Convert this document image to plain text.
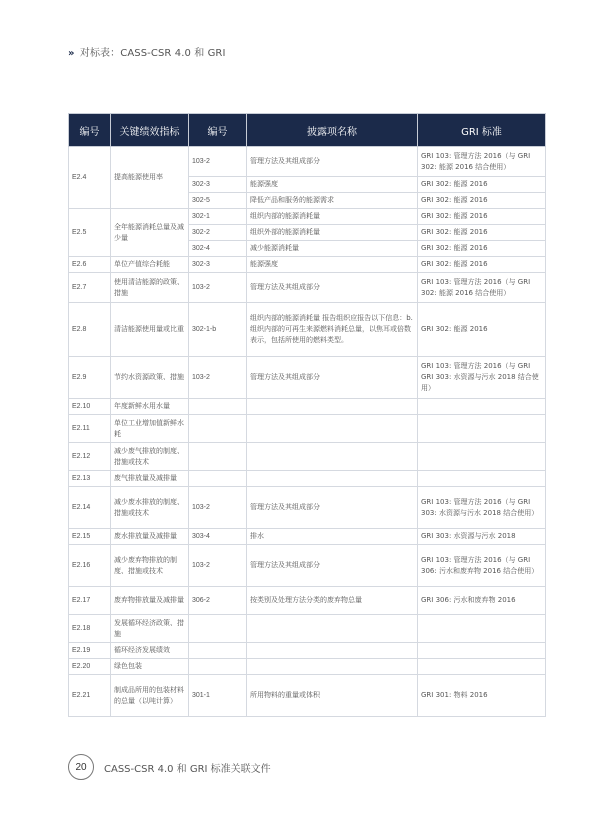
» 对标表：CASS-CSR 4.0 和 GRI
编号	关键绩效指标	编号	披露项名称	GRI 标准
E2.4	提高能源使用率	103-2	管理方法及其组成部分	GRI 103: 管理方法 2016（与 GRI 302: 能源 2016 结合使用）
		302-3	能源强度	GRI 302: 能源 2016
		302-5	降低产品和服务的能源需求	GRI 302: 能源 2016
E2.5	全年能源消耗总量及减少量	302-1	组织内部的能源消耗量	GRI 302: 能源 2016
		302-2	组织外部的能源消耗量	GRI 302: 能源 2016
		302-4	减少能源消耗量	GRI 302: 能源 2016
E2.6	单位产值综合耗能	302-3	能源强度	GRI 302: 能源 2016
E2.7	使用清洁能源的政策、措施	103-2	管理方法及其组成部分	GRI 103: 管理方法 2016（与 GRI 302: 能源 2016 结合使用）
E2.8	清洁能源使用量或比重	302-1-b	组织内部的能源消耗量 报告组织应报告以下信息：b. 组织内部的可再生来源燃料消耗总量，以焦耳或倍数表示，包括所使用的燃料类型。	GRI 302: 能源 2016
E2.9	节约水资源政策、措施	103-2	管理方法及其组成部分	GRI 103: 管理方法 2016（与 GRI GRI 303: 水资源与污水 2018 结合使用）
E2.10	年度新鲜水用水量			
E2.11	单位工业增加值新鲜水耗			
E2.12	减少废气排放的制度、措施或技术			
E2.13	废气排放量及减排量			
E2.14	减少废水排放的制度、措施或技术	103-2	管理方法及其组成部分	GRI 103: 管理方法 2016（与 GRI 303: 水资源与污水 2018 结合使用）
E2.15	废水排放量及减排量	303-4	排水	GRI 303: 水资源与污水 2018
E2.16	减少废弃物排放的制度、措施或技术	103-2	管理方法及其组成部分	GRI 103: 管理方法 2016（与 GRI 306: 污水和废弃物 2016 结合使用）
E2.17	废弃物排放量及减排量	306-2	按类别及处理方法分类的废弃物总量	GRI 306: 污水和废弃物 2016
E2.18	发展循环经济政策、措施			
E2.19	循环经济发展绩效			
E2.20	绿色包装			
E2.21	制成品所用的包装材料的总量（以吨计算）	301-1	所用物料的重量或体积	GRI 301: 物料 2016
20	CASS-CSR 4.0 和 GRI 标准关联文件
